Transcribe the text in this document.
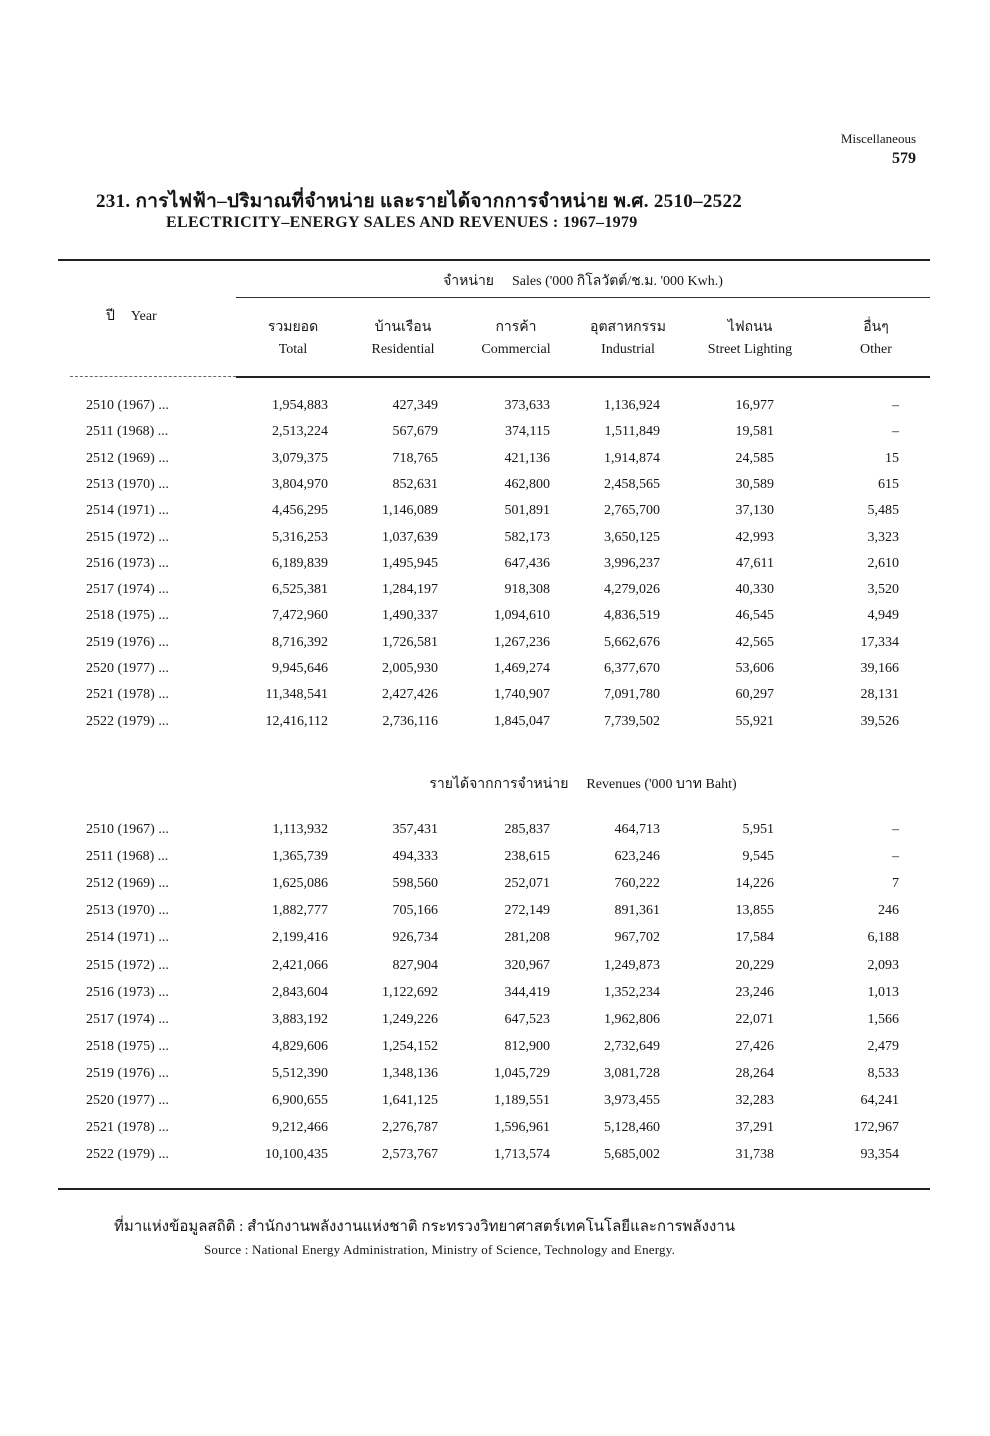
Miscellaneous
579
231. การไฟฟ้า–ปริมาณที่จำหน่าย และรายได้จากการจำหน่าย พ.ศ. 2510–2522
ELECTRICITY–ENERGY SALES AND REVENUES : 1967–1979
จำหน่าย Sales ('000 กิโลวัตต์/ช.ม. '000 Kwh.)
ปี Year
รวมยอด
Total
บ้านเรือน
Residential
การค้า
Commercial
อุตสาหกรรม
Industrial
ไฟถนน
Street Lighting
อื่นๆ
Other
2510 (1967) ...	1,954,883	427,349	373,633	1,136,924	16,977	–
2511 (1968) ...	2,513,224	567,679	374,115	1,511,849	19,581	–
2512 (1969) ...	3,079,375	718,765	421,136	1,914,874	24,585	15
2513 (1970) ...	3,804,970	852,631	462,800	2,458,565	30,589	615
2514 (1971) ...	4,456,295	1,146,089	501,891	2,765,700	37,130	5,485
2515 (1972) ...	5,316,253	1,037,639	582,173	3,650,125	42,993	3,323
2516 (1973) ...	6,189,839	1,495,945	647,436	3,996,237	47,611	2,610
2517 (1974) ...	6,525,381	1,284,197	918,308	4,279,026	40,330	3,520
2518 (1975) ...	7,472,960	1,490,337	1,094,610	4,836,519	46,545	4,949
2519 (1976) ...	8,716,392	1,726,581	1,267,236	5,662,676	42,565	17,334
2520 (1977) ...	9,945,646	2,005,930	1,469,274	6,377,670	53,606	39,166
2521 (1978) ...	11,348,541	2,427,426	1,740,907	7,091,780	60,297	28,131
2522 (1979) ...	12,416,112	2,736,116	1,845,047	7,739,502	55,921	39,526
รายได้จากการจำหน่าย Revenues ('000 บาท Baht)
2510 (1967) ...	1,113,932	357,431	285,837	464,713	5,951	–
2511 (1968) ...	1,365,739	494,333	238,615	623,246	9,545	–
2512 (1969) ...	1,625,086	598,560	252,071	760,222	14,226	7
2513 (1970) ...	1,882,777	705,166	272,149	891,361	13,855	246
2514 (1971) ...	2,199,416	926,734	281,208	967,702	17,584	6,188
2515 (1972) ...	2,421,066	827,904	320,967	1,249,873	20,229	2,093
2516 (1973) ...	2,843,604	1,122,692	344,419	1,352,234	23,246	1,013
2517 (1974) ...	3,883,192	1,249,226	647,523	1,962,806	22,071	1,566
2518 (1975) ...	4,829,606	1,254,152	812,900	2,732,649	27,426	2,479
2519 (1976) ...	5,512,390	1,348,136	1,045,729	3,081,728	28,264	8,533
2520 (1977) ...	6,900,655	1,641,125	1,189,551	3,973,455	32,283	64,241
2521 (1978) ...	9,212,466	2,276,787	1,596,961	5,128,460	37,291	172,967
2522 (1979) ...	10,100,435	2,573,767	1,713,574	5,685,002	31,738	93,354
ที่มาแห่งข้อมูลสถิติ : สำนักงานพลังงานแห่งชาติ กระทรวงวิทยาศาสตร์เทคโนโลยีและการพลังงาน
Source : National Energy Administration, Ministry of Science, Technology and Energy.
